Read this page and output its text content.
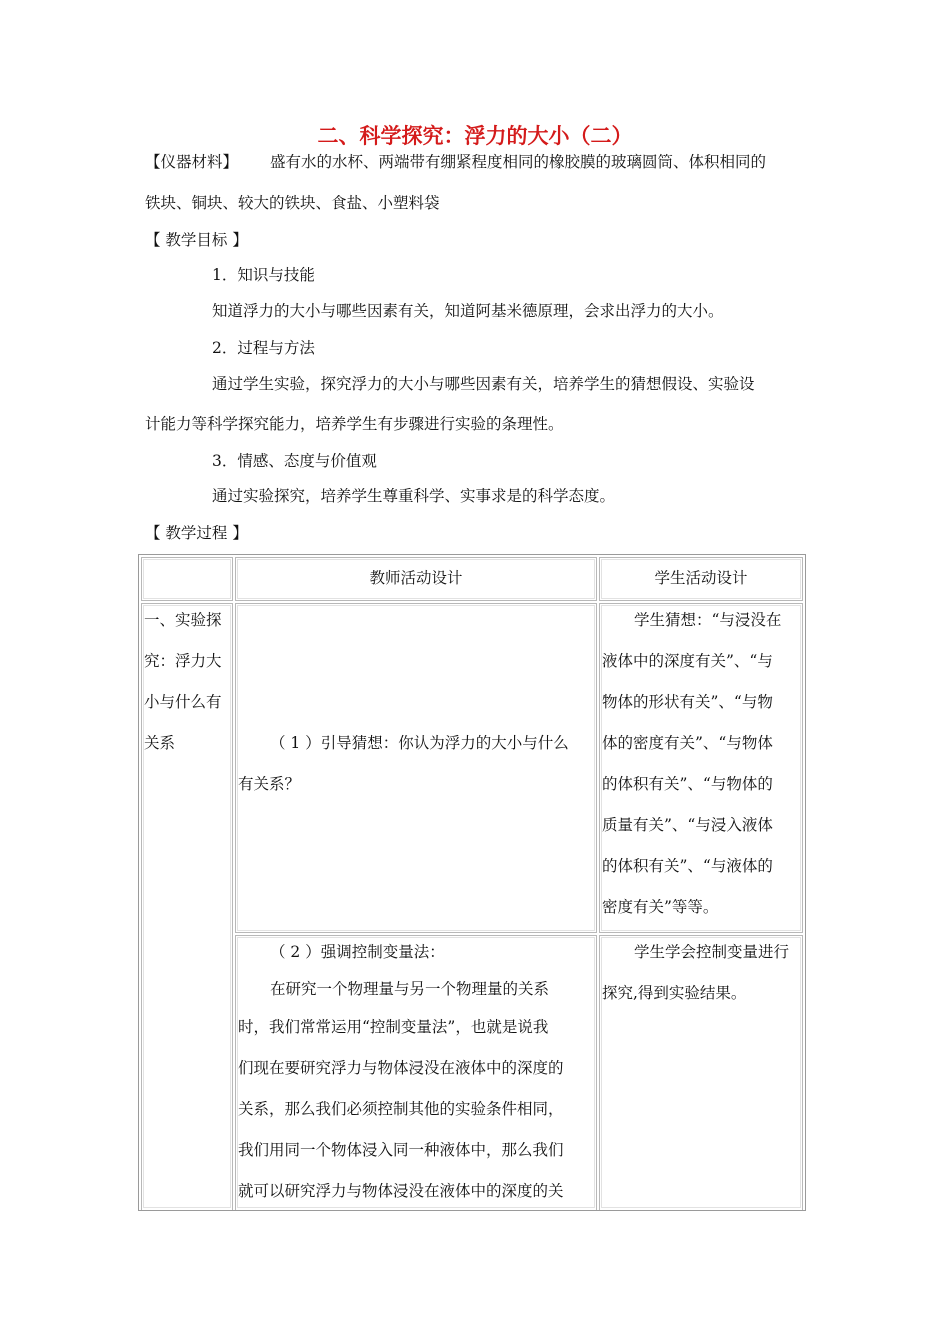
二、科学探究：浮力的大小（二）
【仪器材料】 盛有水的水杯、两端带有绷紧程度相同的橡胶膜的玻璃圆筒、体积相同的
铁块、铜块、较大的铁块、食盐、小塑料袋
【 教学目标 】
1．知识与技能
知道浮力的大小与哪些因素有关，知道阿基米德原理，会求出浮力的大小。
2．过程与方法
通过学生实验，探究浮力的大小与哪些因素有关，培养学生的猜想假设、实验设
计能力等科学探究能力，培养学生有步骤进行实验的条理性。
3．情感、态度与价值观
通过实验探究，培养学生尊重科学、实事求是的科学态度。
【 教学过程 】
教师活动设计	学生活动设计
一、实验探
究：浮力大
小与什么有
关系	（ 1 ）引导猜想：你认为浮力的大小与什么
有关系？
学生猜想：“与浸没在
液体中的深度有关”、“与
物体的形状有关”、“与物
体的密度有关”、“与物体
的体积有关”、“与物体的
质量有关”、“与浸入液体
的体积有关”、“与液体的
密度有关”等等。
（ 2 ）强调控制变量法：
在研究一个物理量与另一个物理量的关系
时，我们常常运用“控制变量法”，也就是说我
们现在要研究浮力与物体浸没在液体中的深度的
关系，那么我们必须控制其他的实验条件相同，
我们用同一个物体浸入同一种液体中，那么我们
就可以研究浮力与物体浸没在液体中的深度的关
学生学会控制变量进行
探究,得到实验结果。
